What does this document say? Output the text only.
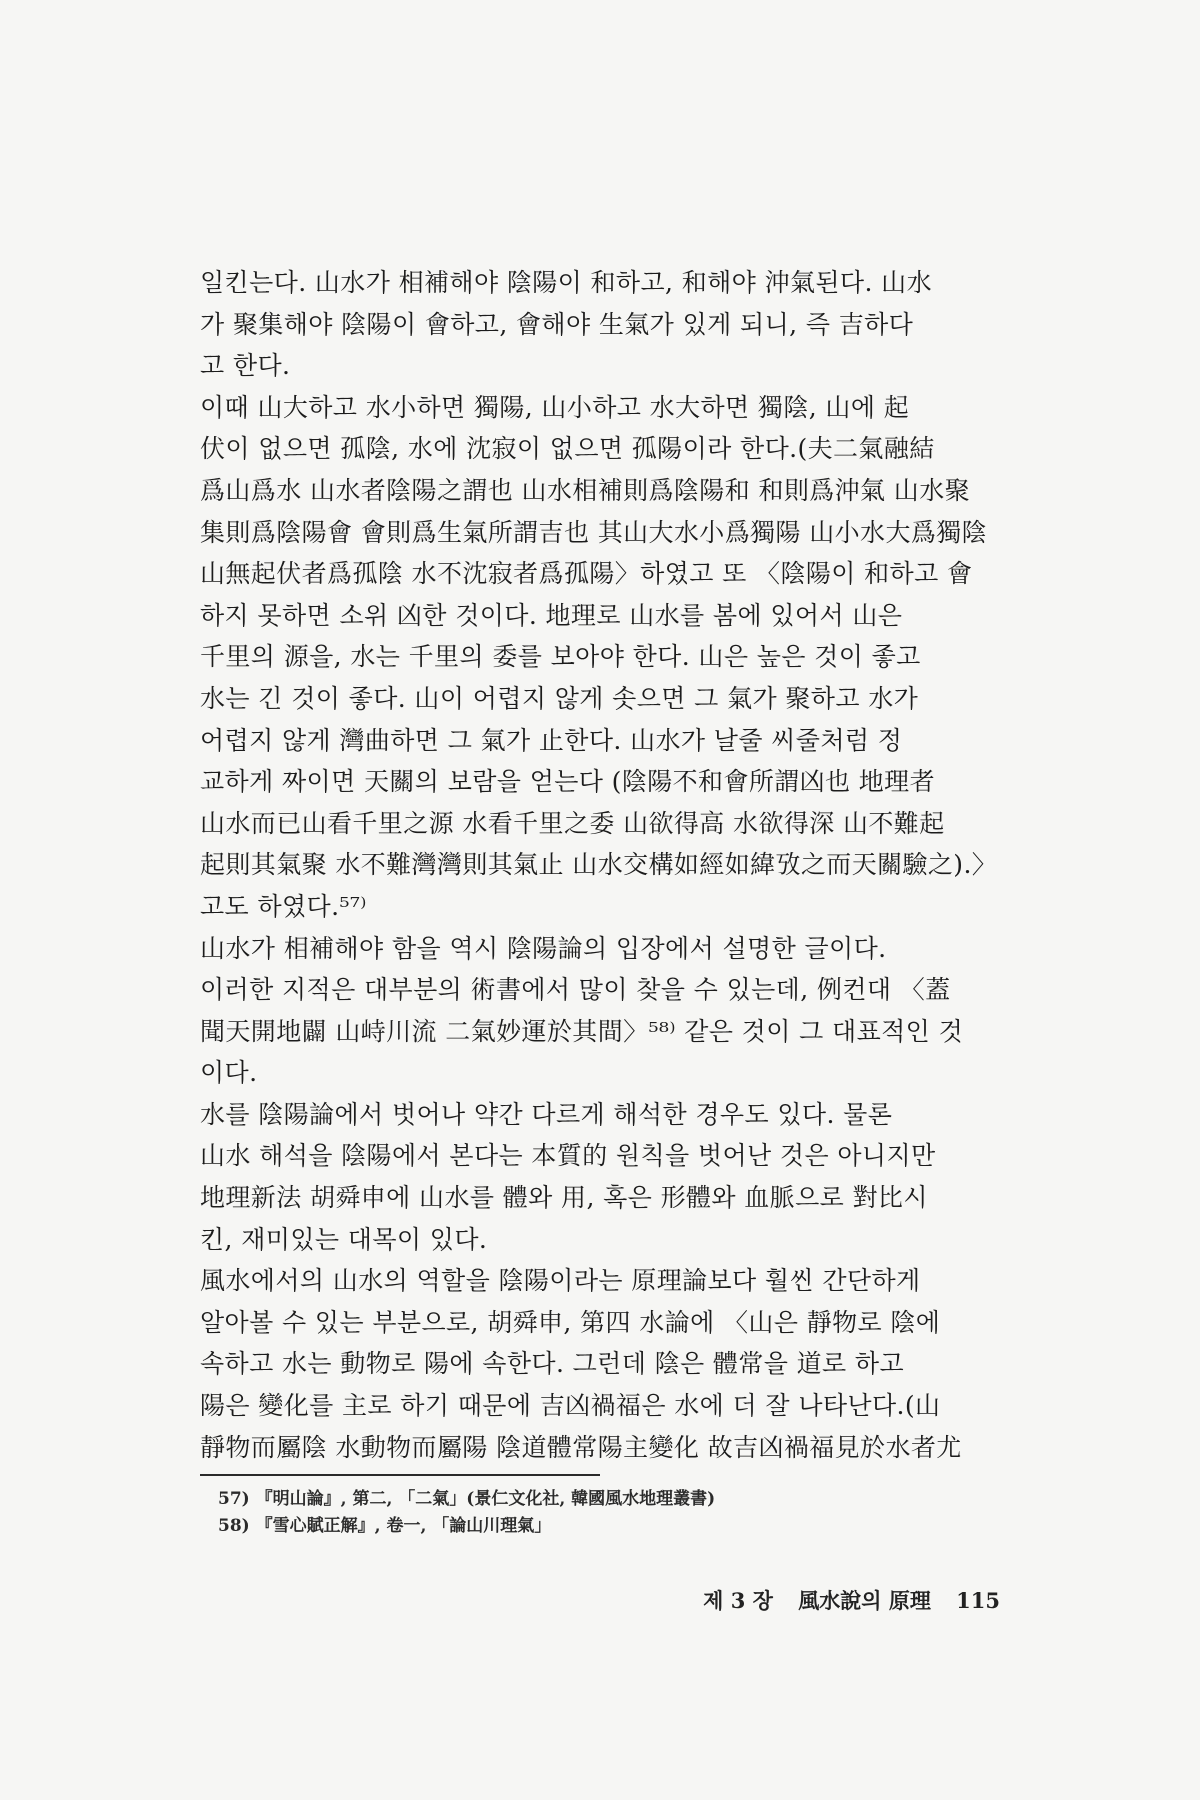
일킨는다. 山水가 相補해야 陰陽이 和하고, 和해야 沖氣된다. 山水
가 聚集해야 陰陽이 會하고, 會해야 生氣가 있게 되니, 즉 吉하다
고 한다.
이때 山大하고 水小하면 獨陽, 山小하고 水大하면 獨陰, 山에 起
伏이 없으면 孤陰, 水에 沈寂이 없으면 孤陽이라 한다.(夫二氣融結
爲山爲水 山水者陰陽之謂也 山水相補則爲陰陽和 和則爲沖氣 山水聚
集則爲陰陽會 會則爲生氣所謂吉也 其山大水小爲獨陽 山小水大爲獨陰
山無起伏者爲孤陰 水不沈寂者爲孤陽〉하였고 또 〈陰陽이 和하고 會
하지 못하면 소위 凶한 것이다. 地理로 山水를 봄에 있어서 山은
千里의 源을, 水는 千里의 委를 보아야 한다. 山은 높은 것이 좋고
水는 긴 것이 좋다. 山이 어렵지 않게 솟으면 그 氣가 聚하고 水가
어렵지 않게 灣曲하면 그 氣가 止한다. 山水가 날줄 씨줄처럼 정
교하게 짜이면 天關의 보람을 얻는다 (陰陽不和會所謂凶也 地理者
山水而已山看千里之源 水看千里之委 山欲得高 水欲得深 山不難起
起則其氣聚 水不難灣灣則其氣止 山水交構如經如緯攷之而天關驗之).〉
고도 하였다.⁵⁷⁾
山水가 相補해야 함을 역시 陰陽論의 입장에서 설명한 글이다.
이러한 지적은 대부분의 術書에서 많이 찾을 수 있는데, 例컨대 〈蓋
聞天開地闢 山峙川流 二氣妙運於其間〉⁵⁸⁾ 같은 것이 그 대표적인 것
이다.
水를 陰陽論에서 벗어나 약간 다르게 해석한 경우도 있다. 물론
山水 해석을 陰陽에서 본다는 本質的 원칙을 벗어난 것은 아니지만
地理新法 胡舜申에 山水를 體와 用, 혹은 形體와 血脈으로 對比시
킨, 재미있는 대목이 있다.
風水에서의 山水의 역할을 陰陽이라는 原理論보다 훨씬 간단하게
알아볼 수 있는 부분으로, 胡舜申, 第四 水論에 〈山은 靜物로 陰에
속하고 水는 動物로 陽에 속한다. 그런데 陰은 體常을 道로 하고
陽은 變化를 主로 하기 때문에 吉凶禍福은 水에 더 잘 나타난다.(山
靜物而屬陰 水動物而屬陽 陰道體常陽主變化 故吉凶禍福見於水者尤
57) 『明山論』, 第二, 「二氣」(景仁文化社, 韓國風水地理叢書)
58) 『雪心賦正解』, 卷一, 「論山川理氣」
제 3 장 風水說의 原理 115
